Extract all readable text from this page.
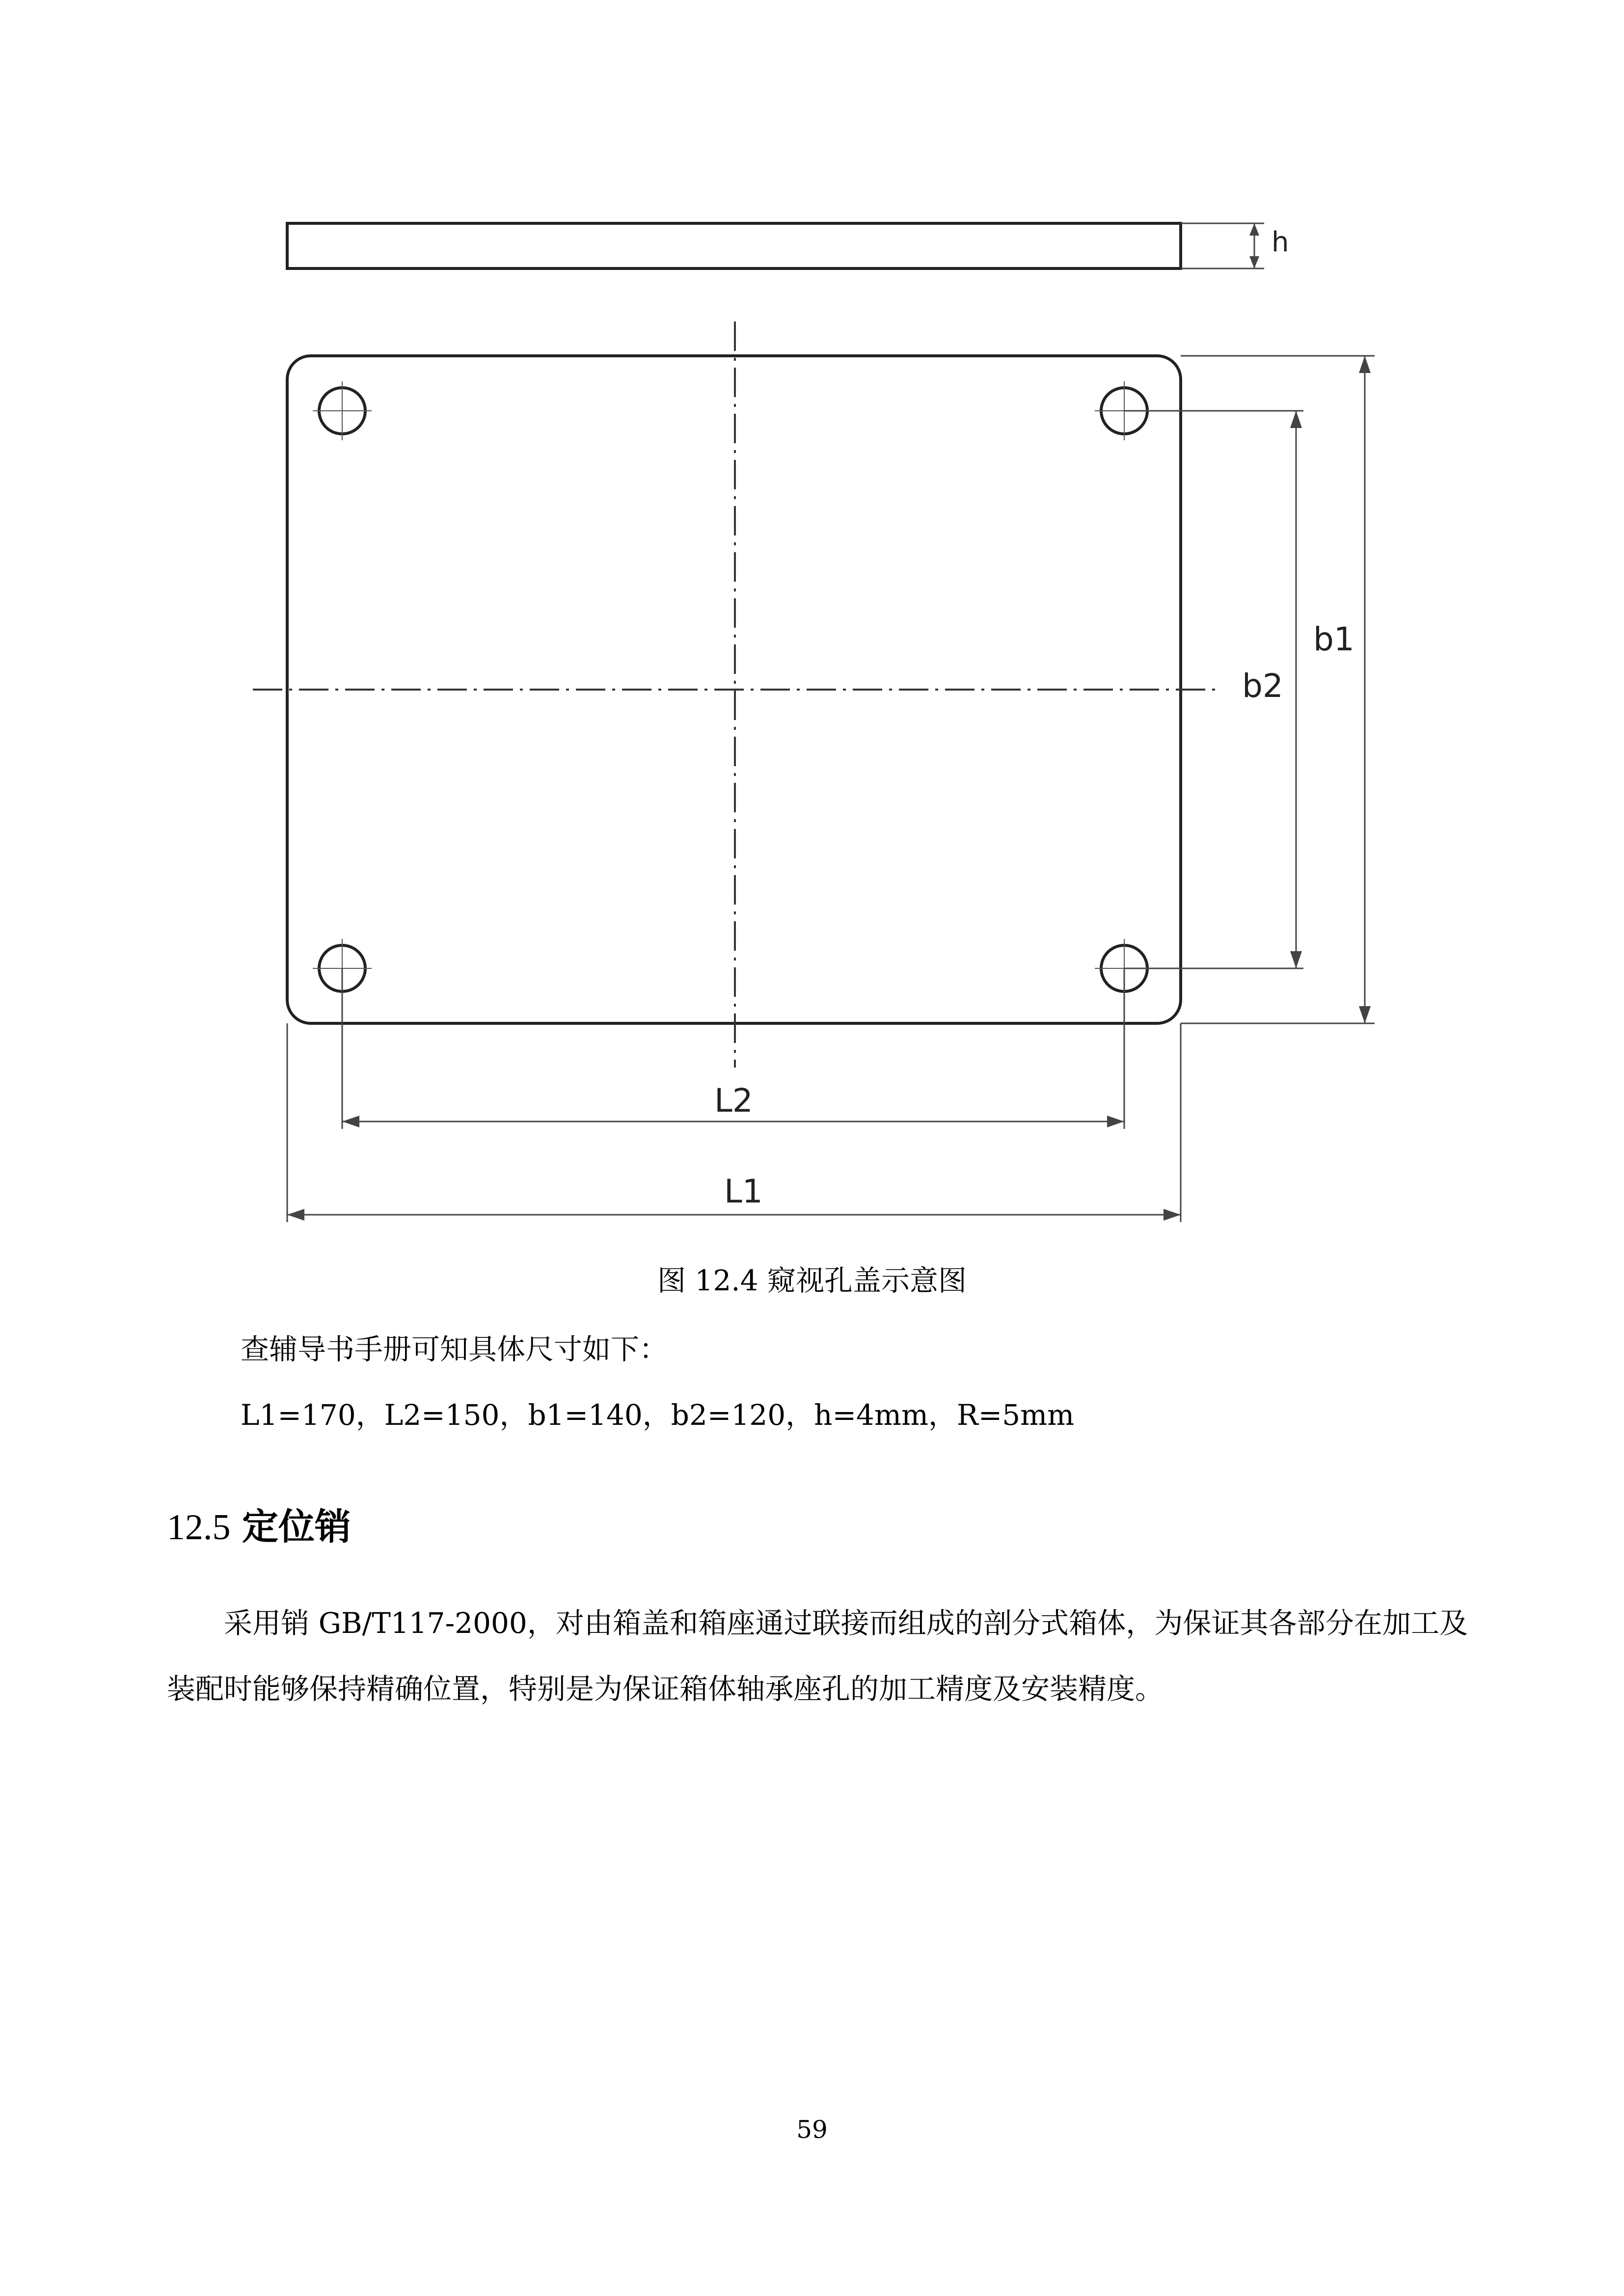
h
b1
b2
L2
L1
图 12.4 窥视孔盖示意图
查辅导书手册可知具体尺寸如下：
L1=170，L2=150，b1=140，b2=120，h=4mm，R=5mm
12.5 定位销
采用销 GB/T117-2000，对由箱盖和箱座通过联接而组成的剖分式箱体，为保证其各部分在加工及装配时能够保持精确位置，特别是为保证箱体轴承座孔的加工精度及安装精度。
59
